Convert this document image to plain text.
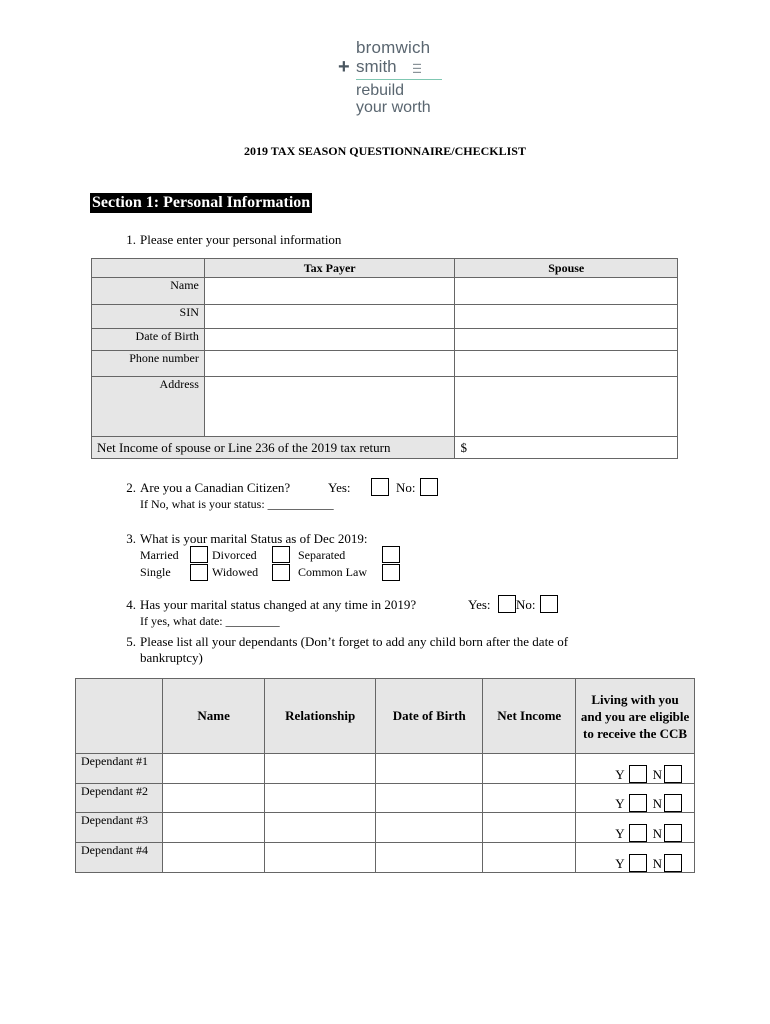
bromwich
+ smith	▬▬
▬▬
▬▬
rebuild
your worth
2019 TAX SEASON QUESTIONNAIRE/CHECKLIST
Section 1: Personal Information
1. Please enter your personal information
	Tax Payer	Spouse
Name		
SIN		
Date of Birth		
Phone number		
Address		
Net Income of spouse or Line 236 of the 2019 tax return		$
2. Are you a Canadian Citizen?	Yes:	No:
If No, what is your status: ___________
3. What is your marital Status as of Dec 2019:
Married	Divorced	Separated
Single	Widowed	Common Law
4. Has your marital status changed at any time in 2019?	Yes: No:
If yes, what date: _________
5. Please list all your dependants (Don’t forget to add any child born after the date of
bankruptcy)
	Name	Relationship	Date of Birth	Net Income	Living with you and you are eligible to receive the CCB
Dependant #1					Y N
Dependant #2					Y N
Dependant #3					Y N
Dependant #4					Y N
